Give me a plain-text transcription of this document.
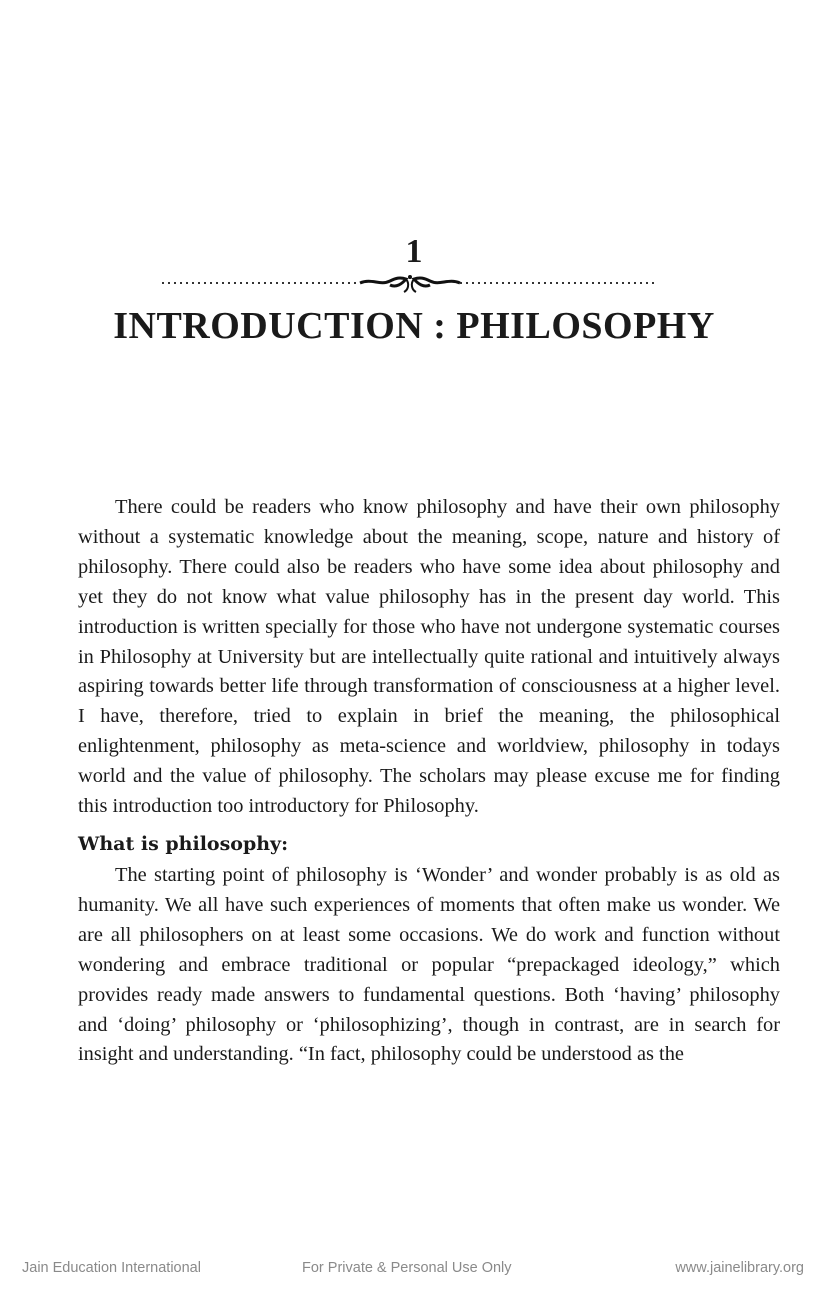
1
INTRODUCTION : PHILOSOPHY

There could be readers who know philosophy and have their own philosophy without a systematic knowledge about the meaning, scope, nature and history of philosophy. There could also be readers who have some idea about philosophy and yet they do not know what value philosophy has in the present day world. This introduction is written specially for those who have not undergone systematic courses in Philosophy at University but are intellectually quite rational and intuitively always aspiring towards better life through transformation of consciousness at a higher level. I have, therefore, tried to explain in brief the meaning, the philosophical enlightenment, philosophy as meta-science and worldview, philosophy in todays world and the value of philosophy. The scholars may please excuse me for finding this introduction too introductory for Philosophy.

What is philosophy:

The starting point of philosophy is ‘Wonder’ and wonder probably is as old as humanity. We all have such experiences of moments that often make us wonder. We are all philosophers on at least some occasions. We do work and function without wondering and embrace traditional or popular “prepackaged ideology,” which provides ready made answers to fundamental questions. Both ‘having’ philosophy and ‘doing’ philosophy or ‘philosophizing’, though in contrast, are in search for insight and understanding. “In fact, philosophy could be understood as the

Jain Education International	For Private & Personal Use Only	www.jainelibrary.org
